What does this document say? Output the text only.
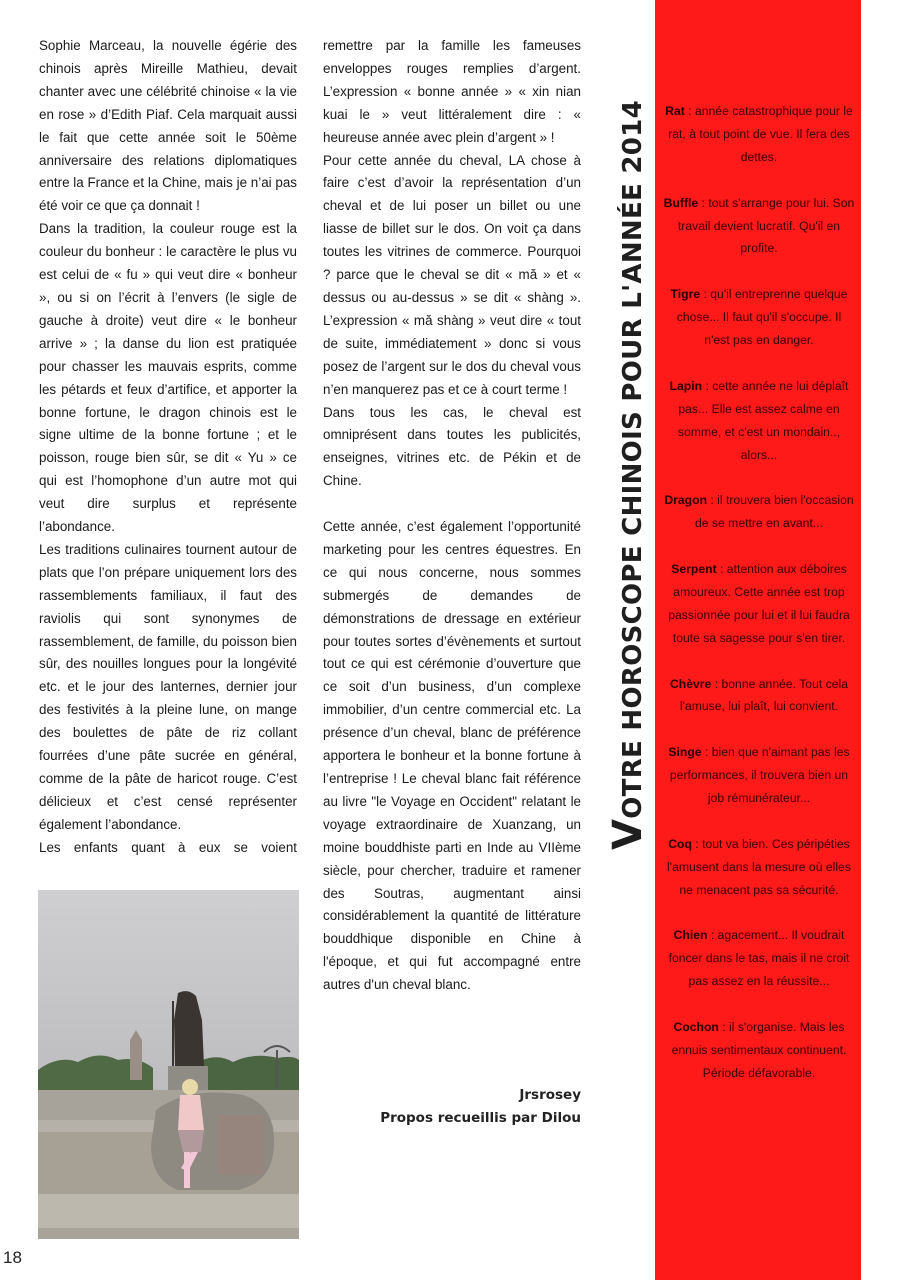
Sophie Marceau, la nouvelle égérie des chinois après Mireille Mathieu, devait chanter avec une célébrité chinoise « la vie en rose » d’Edith Piaf. Cela marquait aussi le fait que cette année soit le 50ème anniversaire des relations diplomatiques entre la France et la Chine, mais je n’ai pas été voir ce que ça donnait !

Dans la tradition, la couleur rouge est la couleur du bonheur : le caractère le plus vu est celui de « fu » qui veut dire « bonheur », ou si on l’écrit à l’envers (le sigle de gauche à droite) veut dire « le bonheur arrive » ; la danse du lion est pratiquée pour chasser les mauvais esprits, comme les pétards et feux d’artifice, et apporter la bonne fortune, le dragon chinois est le signe ultime de la bonne fortune ; et le poisson, rouge bien sûr, se dit « Yu » ce qui est l’homophone d’un autre mot qui veut dire surplus et représente l’abondance.

Les traditions culinaires tournent autour de plats que l’on prépare uniquement lors des rassemblements familiaux, il faut des raviolis qui sont synonymes de rassemblement, de famille, du poisson bien sûr, des nouilles longues pour la longévité etc. et le jour des lanternes, dernier jour des festivités à la pleine lune, on mange des boulettes de pâte de riz collant fourrées d’une pâte sucrée en général, comme de la pâte de haricot rouge. C’est délicieux et c’est censé représenter également l’abondance.

Les enfants quant à eux se voient

18

remettre par la famille les fameuses enveloppes rouges remplies d’argent. L’expression « bonne année » « xin nian kuai le » veut littéralement dire : « heureuse année avec plein d’argent » !

Pour cette année du cheval, LA chose à faire c’est d’avoir la représentation d’un cheval et de lui poser un billet ou une liasse de billet sur le dos. On voit ça dans toutes les vitrines de commerce. Pourquoi ? parce que le cheval se dit « mă » et « dessus ou au-dessus » se dit « shàng ». L’expression « mă shàng » veut dire « tout de suite, immédiatement » donc si vous posez de l’argent sur le dos du cheval vous n’en manquerez pas et ce à court terme !

Dans tous les cas, le cheval est omniprésent dans toutes les publicités, enseignes, vitrines etc. de Pékin et de Chine.

Cette année, c’est également l’opportunité marketing pour les centres équestres. En ce qui nous concerne, nous sommes submergés de demandes de démonstrations de dressage en extérieur pour toutes sortes d’évènements et surtout tout ce qui est cérémonie d’ouverture que ce soit d’un business, d’un complexe immobilier, d’un centre commercial etc. La présence d’un cheval, blanc de préférence apportera le bonheur et la bonne fortune à l’entreprise ! Le cheval blanc fait référence au livre "le Voyage en Occident" relatant le voyage extraordinaire de Xuanzang, un moine bouddhiste parti en Inde au VIIème siècle, pour chercher, traduire et ramener des Soutras, augmentant ainsi considérablement la quantité de littérature bouddhique disponible en Chine à l'époque, et qui fut accompagné entre autres d'un cheval blanc.

Jrsrosey
Propos recueillis par Dilou
VOTRE HOROSCOPE CHINOIS POUR L'ANNÉE 2014	Rat : année catastrophique pour le rat, à tout point de vue. Il fera des dettes.

Buffle : tout s'arrange pour lui. Son travail devient lucratif. Qu'il en profite.

Tigre : qu'il entreprenne quelque chose... Il faut qu'il s'occupe. Il n'est pas en danger.

Lapin : cette année ne lui déplaît pas... Elle est assez calme en somme, et c'est un mondain.., alors...

Dragon : il trouvera bien l'occasion de se mettre en avant...

Serpent : attention aux déboires amoureux. Cette année est trop passionnée pour lui et il lui faudra toute sa sagesse pour s'en tirer.

Chèvre : bonne année. Tout cela l'amuse, lui plaît, lui convient.

Singe : bien que n'aimant pas les performances, il trouvera bien un job rémunérateur...

Coq : tout va bien. Ces péripéties l'amusent dans la mesure où elles ne menacent pas sa sécurité.

Chien : agacement... Il voudrait foncer dans le tas, mais il ne croit pas assez en la réussite...

Cochon : il s'organise. Mais les ennuis sentimentaux continuent. Période défavorable.
